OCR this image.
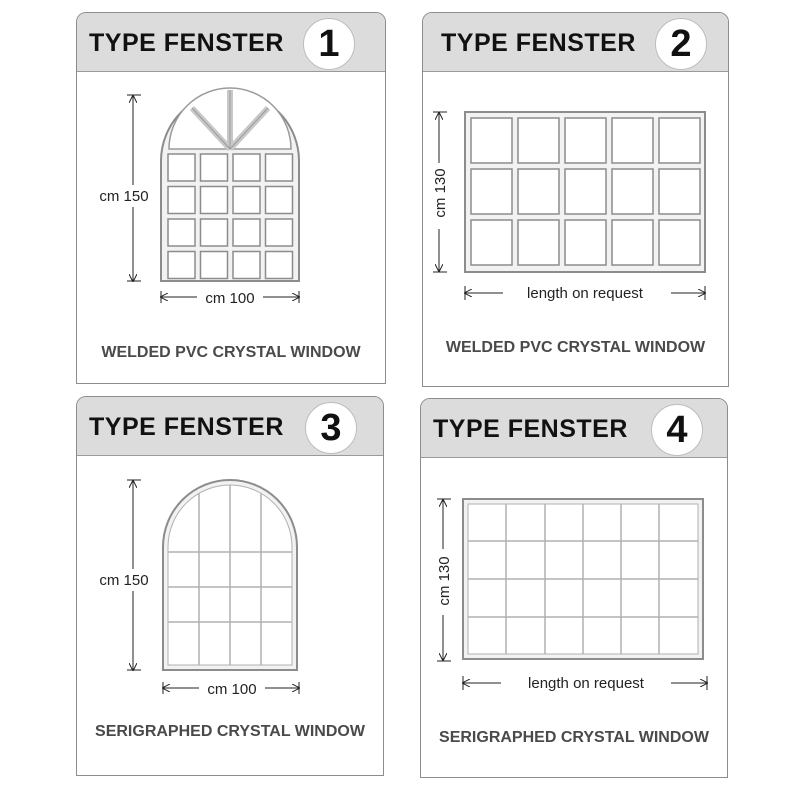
TYPE FENSTER 1
cm 150
cm 100
WELDED PVC CRYSTAL WINDOW
TYPE FENSTER 2
cm 130
length on request
WELDED PVC CRYSTAL WINDOW
TYPE FENSTER 3
cm 150
cm 100
SERIGRAPHED CRYSTAL WINDOW
TYPE FENSTER	4
cm 130
length on request
SERIGRAPHED CRYSTAL WINDOW
